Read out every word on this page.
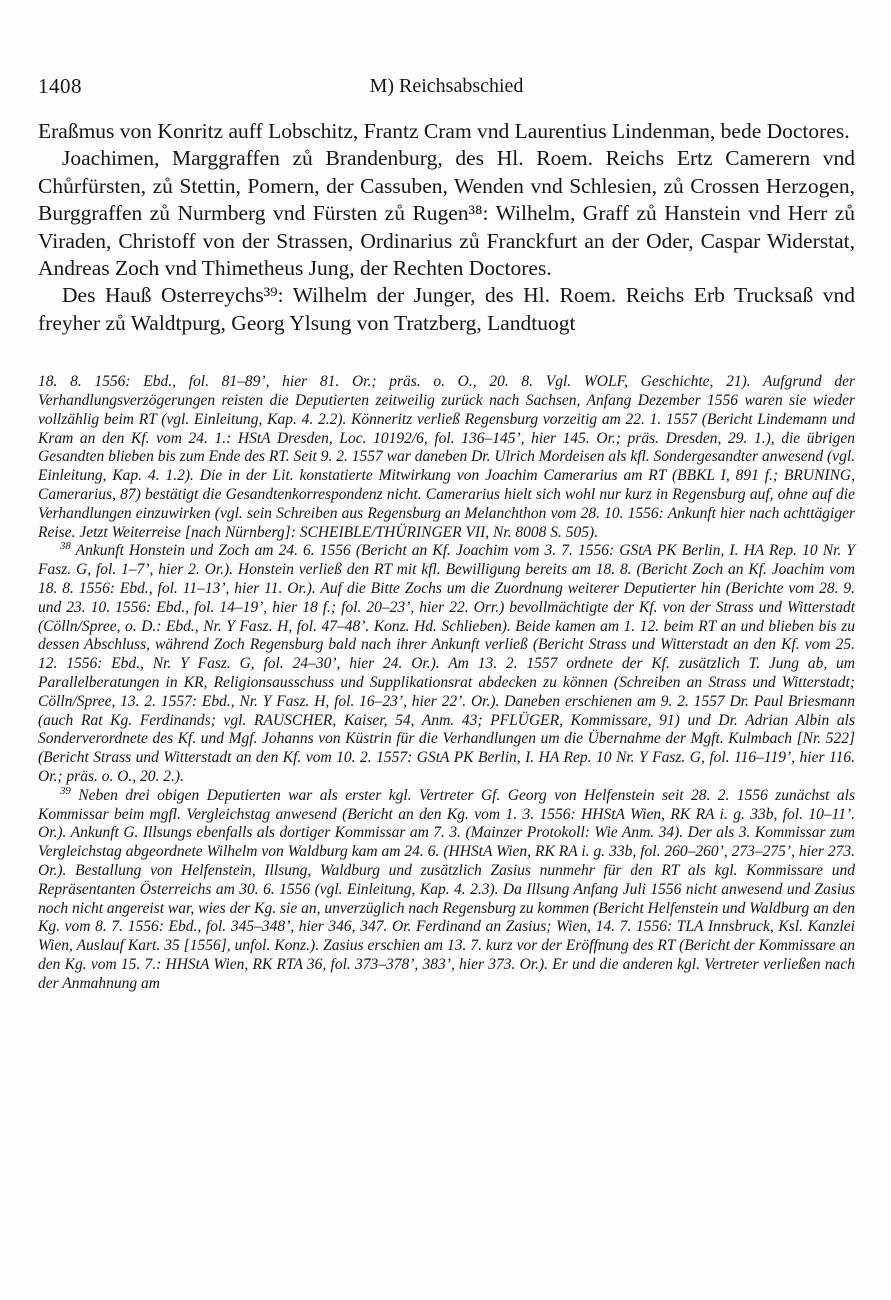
1408	M) Reichsabschied

Eraßmus von Konritz auff Lobschitz, Frantz Cram vnd Laurentius Lindenman, bede Doctores.

Joachimen, Marggraffen zů Brandenburg, des Hl. Roem. Reichs Ertz Camerern vnd Chůrfürsten, zů Stettin, Pomern, der Cassuben, Wenden vnd Schlesien, zů Crossen Herzogen, Burggraffen zů Nurmberg vnd Fürsten zů Rugen³⁸: Wilhelm, Graff zů Hanstein vnd Herr zů Viraden, Christoff von der Strassen, Ordinarius zů Franckfurt an der Oder, Caspar Widerstat, Andreas Zoch vnd Thimetheus Jung, der Rechten Doctores.

Des Hauß Osterreychs³⁹: Wilhelm der Junger, des Hl. Roem. Reichs Erb Trucksaß vnd freyher zů Waldtpurg, Georg Ylsung von Tratzberg, Landtuogt

18. 8. 1556: Ebd., fol. 81–89’, hier 81. Or.; präs. o. O., 20. 8. Vgl. WOLF, Geschichte, 21). Aufgrund der Verhandlungsverzögerungen reisten die Deputierten zeitweilig zurück nach Sachsen, Anfang Dezember 1556 waren sie wieder vollzählig beim RT (vgl. Einleitung, Kap. 4. 2.2). Könneritz verließ Regensburg vorzeitig am 22. 1. 1557 (Bericht Lindemann und Kram an den Kf. vom 24. 1.: HStA Dresden, Loc. 10192/6, fol. 136–145’, hier 145. Or.; präs. Dresden, 29. 1.), die übrigen Gesandten blieben bis zum Ende des RT. Seit 9. 2. 1557 war daneben Dr. Ulrich Mordeisen als kfl. Sondergesandter anwesend (vgl. Einleitung, Kap. 4. 1.2). Die in der Lit. konstatierte Mitwirkung von Joachim Camerarius am RT (BBKL I, 891 f.; BRUNING, Camerarius, 87) bestätigt die Gesandtenkorrespondenz nicht. Camerarius hielt sich wohl nur kurz in Regensburg auf, ohne auf die Verhandlungen einzuwirken (vgl. sein Schreiben aus Regensburg an Melanchthon vom 28. 10. 1556: Ankunft hier nach achttägiger Reise. Jetzt Weiterreise [nach Nürnberg]: SCHEIBLE/THÜRINGER VII, Nr. 8008 S. 505).

$^{38}$ Ankunft Honstein und Zoch am 24. 6. 1556 (Bericht an Kf. Joachim vom 3. 7. 1556: GStA PK Berlin, I. HA Rep. 10 Nr. Y Fasz. G, fol. 1–7’, hier 2. Or.). Honstein verließ den RT mit kfl. Bewilligung bereits am 18. 8. (Bericht Zoch an Kf. Joachim vom 18. 8. 1556: Ebd., fol. 11–13’, hier 11. Or.). Auf die Bitte Zochs um die Zuordnung weiterer Deputierter hin (Berichte vom 28. 9. und 23. 10. 1556: Ebd., fol. 14–19’, hier 18 f.; fol. 20–23’, hier 22. Orr.) bevollmächtigte der Kf. von der Strass und Witterstadt (Cölln/Spree, o. D.: Ebd., Nr. Y Fasz. H, fol. 47–48’. Konz. Hd. Schlieben). Beide kamen am 1. 12. beim RT an und blieben bis zu dessen Abschluss, während Zoch Regensburg bald nach ihrer Ankunft verließ (Bericht Strass und Witterstadt an den Kf. vom 25. 12. 1556: Ebd., Nr. Y Fasz. G, fol. 24–30’, hier 24. Or.). Am 13. 2. 1557 ordnete der Kf. zusätzlich T. Jung ab, um Parallelberatungen in KR, Religionsausschuss und Supplikationsrat abdecken zu können (Schreiben an Strass und Witterstadt; Cölln/Spree, 13. 2. 1557: Ebd., Nr. Y Fasz. H, fol. 16–23’, hier 22’. Or.). Daneben erschienen am 9. 2. 1557 Dr. Paul Briesmann (auch Rat Kg. Ferdinands; vgl. RAUSCHER, Kaiser, 54, Anm. 43; PFLÜGER, Kommissare, 91) und Dr. Adrian Albin als Sonderverordnete des Kf. und Mgf. Johanns von Küstrin für die Verhandlungen um die Übernahme der Mgft. Kulmbach [Nr. 522] (Bericht Strass und Witterstadt an den Kf. vom 10. 2. 1557: GStA PK Berlin, I. HA Rep. 10 Nr. Y Fasz. G, fol. 116–119’, hier 116. Or.; präs. o. O., 20. 2.).

$^{39}$ Neben drei obigen Deputierten war als erster kgl. Vertreter Gf. Georg von Helfenstein seit 28. 2. 1556 zunächst als Kommissar beim mgfl. Vergleichstag anwesend (Bericht an den Kg. vom 1. 3. 1556: HHStA Wien, RK RA i. g. 33b, fol. 10–11’. Or.). Ankunft G. Illsungs ebenfalls als dortiger Kommissar am 7. 3. (Mainzer Protokoll: Wie Anm. 34). Der als 3. Kommissar zum Vergleichstag abgeordnete Wilhelm von Waldburg kam am 24. 6. (HHStA Wien, RK RA i. g. 33b, fol. 260–260’, 273–275’, hier 273. Or.). Bestallung von Helfenstein, Illsung, Waldburg und zusätzlich Zasius nunmehr für den RT als kgl. Kommissare und Repräsentanten Österreichs am 30. 6. 1556 (vgl. Einleitung, Kap. 4. 2.3). Da Illsung Anfang Juli 1556 nicht anwesend und Zasius noch nicht angereist war, wies der Kg. sie an, unverzüglich nach Regensburg zu kommen (Bericht Helfenstein und Waldburg an den Kg. vom 8. 7. 1556: Ebd., fol. 345–348’, hier 346, 347. Or. Ferdinand an Zasius; Wien, 14. 7. 1556: TLA Innsbruck, Ksl. Kanzlei Wien, Auslauf Kart. 35 [1556], unfol. Konz.). Zasius erschien am 13. 7. kurz vor der Eröffnung des RT (Bericht der Kommissare an den Kg. vom 15. 7.: HHStA Wien, RK RTA 36, fol. 373–378’, 383’, hier 373. Or.). Er und die anderen kgl. Vertreter verließen nach der Anmahnung am
